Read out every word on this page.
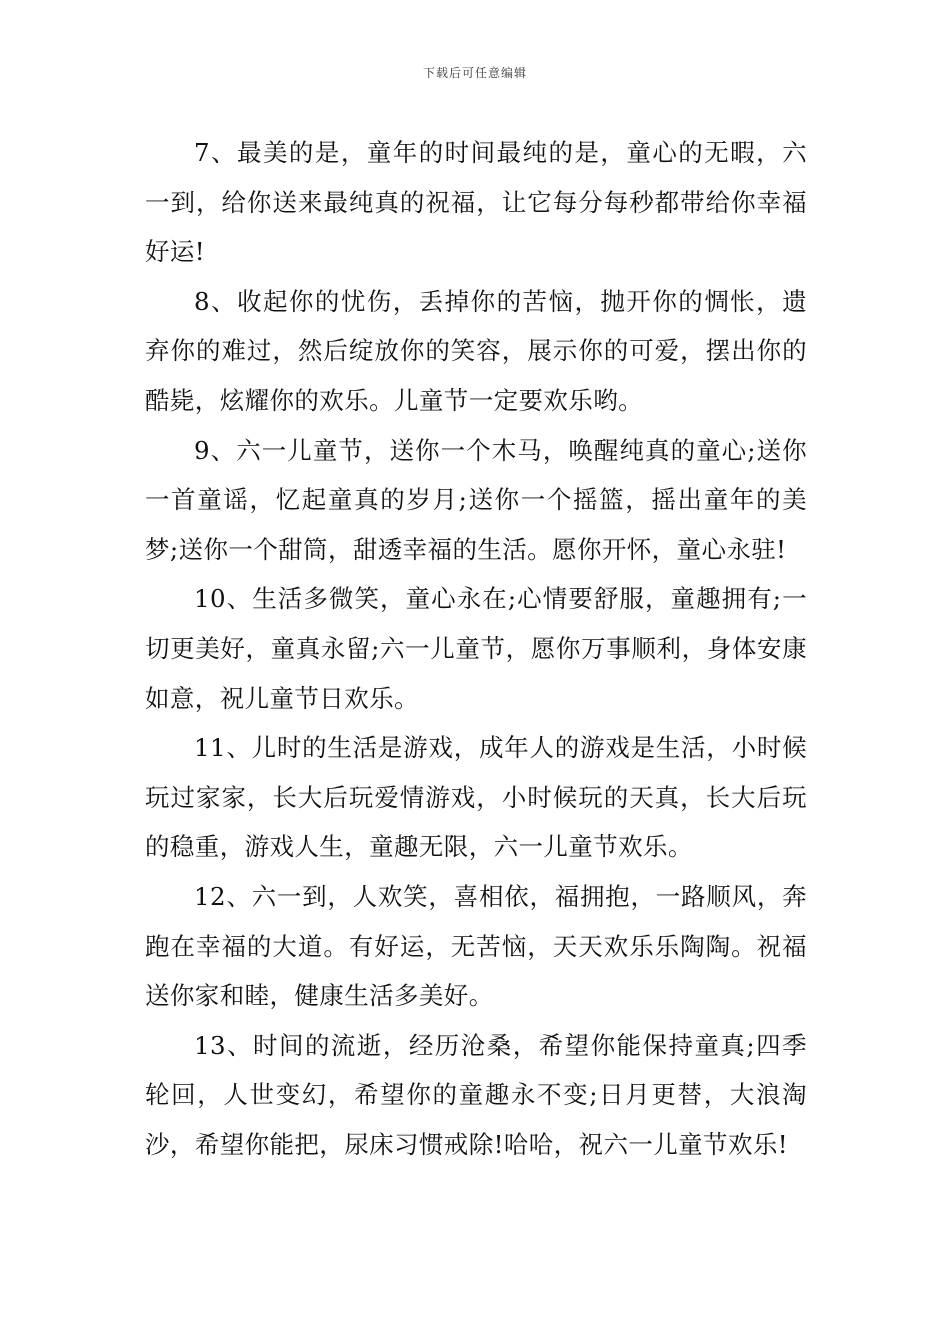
下载后可任意编辑

7、最美的是，童年的时间最纯的是，童心的无暇，六一到，给你送来最纯真的祝福，让它每分每秒都带给你幸福好运!

8、收起你的忧伤，丢掉你的苦恼，抛开你的惆怅，遗弃你的难过，然后绽放你的笑容，展示你的可爱，摆出你的酷毙，炫耀你的欢乐。儿童节一定要欢乐哟。

9、六一儿童节，送你一个木马，唤醒纯真的童心;送你一首童谣，忆起童真的岁月;送你一个摇篮，摇出童年的美梦;送你一个甜筒，甜透幸福的生活。愿你开怀，童心永驻!

10、生活多微笑，童心永在;心情要舒服，童趣拥有;一切更美好，童真永留;六一儿童节，愿你万事顺利，身体安康如意，祝儿童节日欢乐。

11、儿时的生活是游戏，成年人的游戏是生活，小时候玩过家家，长大后玩爱情游戏，小时候玩的天真，长大后玩的稳重，游戏人生，童趣无限，六一儿童节欢乐。

12、六一到，人欢笑，喜相依，福拥抱，一路顺风，奔跑在幸福的大道。有好运，无苦恼，天天欢乐乐陶陶。祝福送你家和睦，健康生活多美好。

13、时间的流逝，经历沧桑，希望你能保持童真;四季轮回，人世变幻，希望你的童趣永不变;日月更替，大浪淘沙，希望你能把，尿床习惯戒除!哈哈，祝六一儿童节欢乐!
